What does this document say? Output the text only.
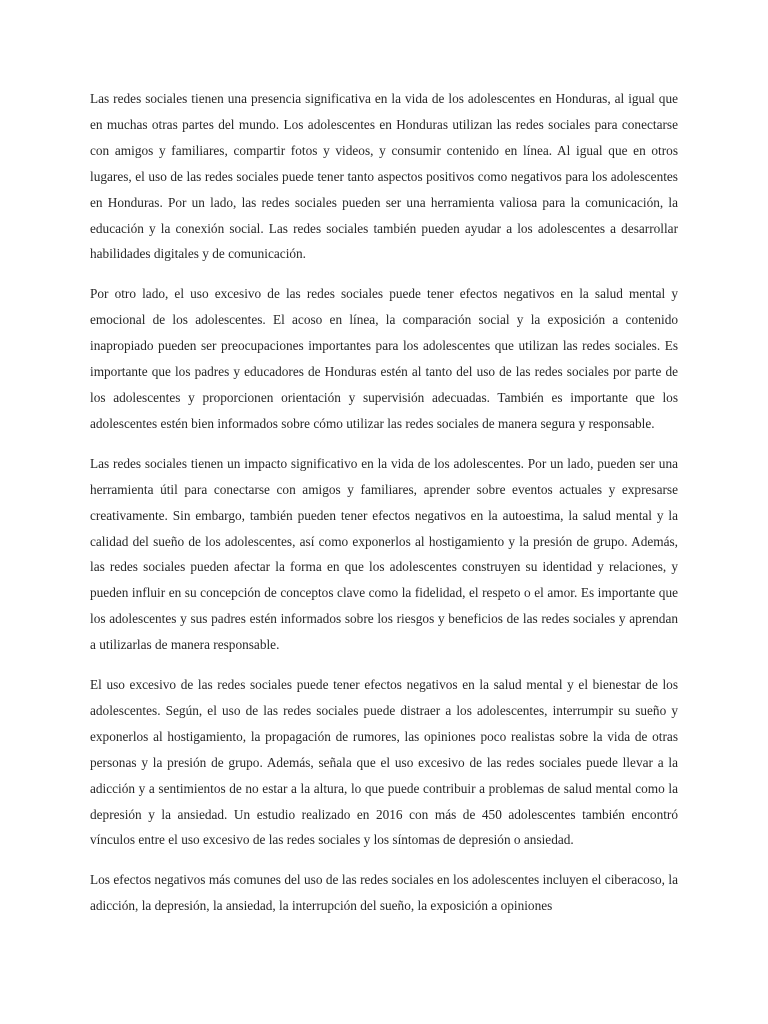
Las redes sociales tienen una presencia significativa en la vida de los adolescentes en Honduras, al igual que en muchas otras partes del mundo. Los adolescentes en Honduras utilizan las redes sociales para conectarse con amigos y familiares, compartir fotos y videos, y consumir contenido en línea. Al igual que en otros lugares, el uso de las redes sociales puede tener tanto aspectos positivos como negativos para los adolescentes en Honduras. Por un lado, las redes sociales pueden ser una herramienta valiosa para la comunicación, la educación y la conexión social. Las redes sociales también pueden ayudar a los adolescentes a desarrollar habilidades digitales y de comunicación.

Por otro lado, el uso excesivo de las redes sociales puede tener efectos negativos en la salud mental y emocional de los adolescentes. El acoso en línea, la comparación social y la exposición a contenido inapropiado pueden ser preocupaciones importantes para los adolescentes que utilizan las redes sociales. Es importante que los padres y educadores de Honduras estén al tanto del uso de las redes sociales por parte de los adolescentes y proporcionen orientación y supervisión adecuadas. También es importante que los adolescentes estén bien informados sobre cómo utilizar las redes sociales de manera segura y responsable.

Las redes sociales tienen un impacto significativo en la vida de los adolescentes. Por un lado, pueden ser una herramienta útil para conectarse con amigos y familiares, aprender sobre eventos actuales y expresarse creativamente. Sin embargo, también pueden tener efectos negativos en la autoestima, la salud mental y la calidad del sueño de los adolescentes, así como exponerlos al hostigamiento y la presión de grupo. Además, las redes sociales pueden afectar la forma en que los adolescentes construyen su identidad y relaciones, y pueden influir en su concepción de conceptos clave como la fidelidad, el respeto o el amor. Es importante que los adolescentes y sus padres estén informados sobre los riesgos y beneficios de las redes sociales y aprendan a utilizarlas de manera responsable.

El uso excesivo de las redes sociales puede tener efectos negativos en la salud mental y el bienestar de los adolescentes. Según, el uso de las redes sociales puede distraer a los adolescentes, interrumpir su sueño y exponerlos al hostigamiento, la propagación de rumores, las opiniones poco realistas sobre la vida de otras personas y la presión de grupo. Además, señala que el uso excesivo de las redes sociales puede llevar a la adicción y a sentimientos de no estar a la altura, lo que puede contribuir a problemas de salud mental como la depresión y la ansiedad. Un estudio realizado en 2016 con más de 450 adolescentes también encontró vínculos entre el uso excesivo de las redes sociales y los síntomas de depresión o ansiedad.

Los efectos negativos más comunes del uso de las redes sociales en los adolescentes incluyen el ciberacoso, la adicción, la depresión, la ansiedad, la interrupción del sueño, la exposición a opiniones
